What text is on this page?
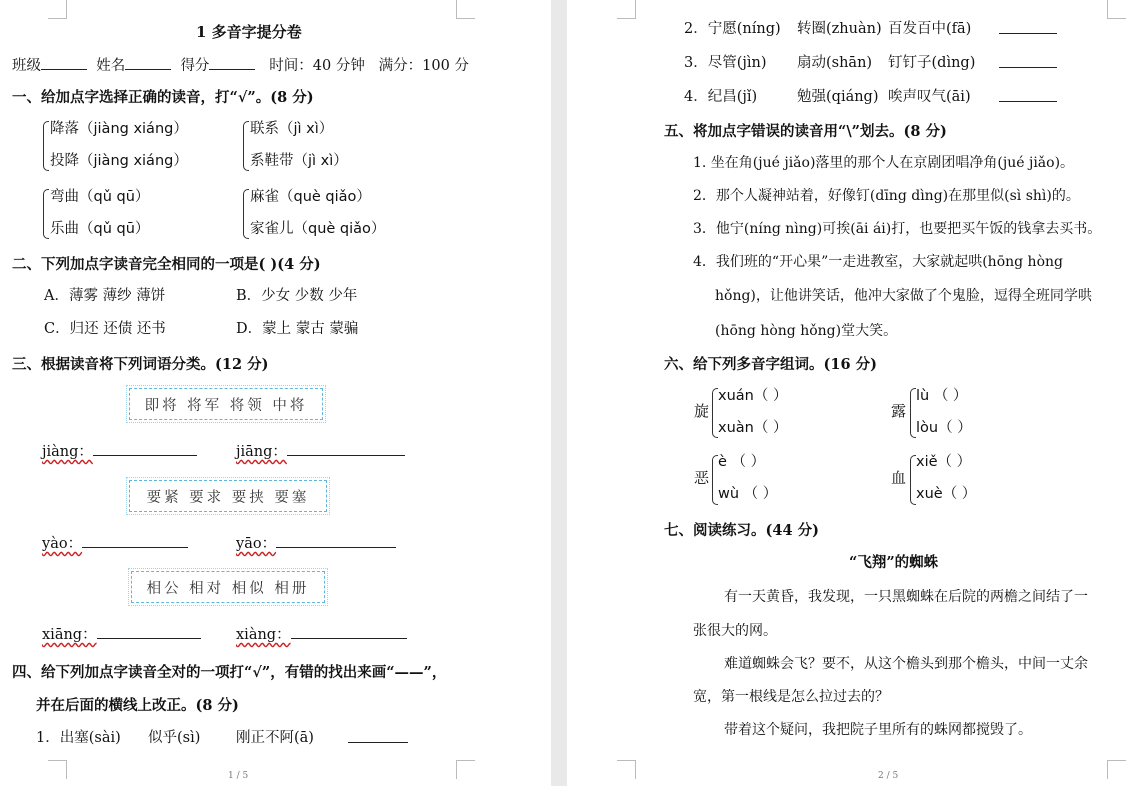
1 多音字提分卷
班级	姓名	得分	时间：40 分钟 满分：100 分
一、给加点字选择正确的读音，打“√”。(8 分)
降落（jiàng xiáng）
投降（jiàng xiáng）
联系（jì xì）
系鞋带（jì xì）
弯曲（qǔ qū）
乐曲（qǔ qū）
麻雀（què qiǎo）
家雀儿（què qiǎo）
二、下列加点字读音完全相同的一项是( )(4 分)
A．薄雾 薄纱 薄饼	B．少女 少数 少年
C．归还 还债 还书	D．蒙上 蒙古 蒙骗
三、根据读音将下列词语分类。(12 分)
即将 将军 将领 中将
jiàng：	jiāng：
要紧 要求 要挟 要塞
yào：	yāo：
相公 相对 相似 相册
xiāng：	xiàng：
四、给下列加点字读音全对的一项打“√”，有错的找出来画“——”，
并在后面的横线上改正。(8 分)
1．出塞(sài) 似乎(sì) 刚正不阿(ā)
1 / 5
2．宁愿(níng) 转圈(zhuàn) 百发百中(fā)
3．尽管(jìn) 扇动(shān) 钉钉子(dìng)
4．纪昌(jǐ)	勉强(qiáng) 唉声叹气(āi)
五、将加点字错误的读音用“\”划去。(8 分)
1. 坐在角(jué jiǎo)落里的那个人在京剧团唱净角(jué jiǎo)。
2．那个人凝神站着，好像钉(dīng dìng)在那里似(sì shì)的。
3．他宁(níng nìng)可挨(āi ái)打，也要把买午饭的钱拿去买书。
4．我们班的“开心果”一走进教室，大家就起哄(hōng hòng
hǒng)，让他讲笑话，他冲大家做了个鬼脸，逗得全班同学哄
(hōng hòng hǒng)堂大笑。
六、给下列多音字组词。(16 分)
旋
xuán（ ）
xuàn（ ）
露
lù （ ）
lòu（ ）
恶
è （ ）
wù （ ）
血
xiě（ ）
xuè（ ）
七、阅读练习。(44 分)
“飞翔”的蜘蛛
有一天黄昏，我发现，一只黑蜘蛛在后院的两檐之间结了一
张很大的网。
难道蜘蛛会飞？要不，从这个檐头到那个檐头，中间一丈余
宽，第一根线是怎么拉过去的？
带着这个疑问，我把院子里所有的蛛网都搅毁了。
2 / 5
